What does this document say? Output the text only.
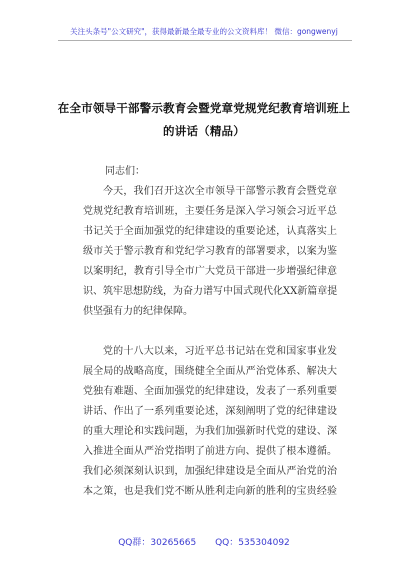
关注头条号"公文研究"，获得最新最全最专业的公文资料库！ 微信：gongwenyj
在全市领导干部警示教育会暨党章党规党纪教育培训班上
的讲话（精品）
同志们：
今天，我们召开这次全市领导干部警示教育会暨党章
党规党纪教育培训班，主要任务是深入学习领会习近平总
书记关于全面加强党的纪律建设的重要论述，认真落实上
级市关于警示教育和党纪学习教育的部署要求，以案为鉴
以案明纪，教育引导全市广大党员干部进一步增强纪律意
识、筑牢思想防线，为奋力谱写中国式现代化XX新篇章提
供坚强有力的纪律保障。
党的十八大以来，习近平总书记站在党和国家事业发
展全局的战略高度，围绕健全全面从严治党体系、解决大
党独有难题、全面加强党的纪律建设，发表了一系列重要
讲话、作出了一系列重要论述，深刻阐明了党的纪律建设
的重大理论和实践问题，为我们加强新时代党的建设、深
入推进全面从严治党指明了前进方向、提供了根本遵循。
我们必须深刻认识到，加强纪律建设是全面从严治党的治
本之策，也是我们党不断从胜利走向新的胜利的宝贵经验
QQ群：30265665 QQ：535304092
